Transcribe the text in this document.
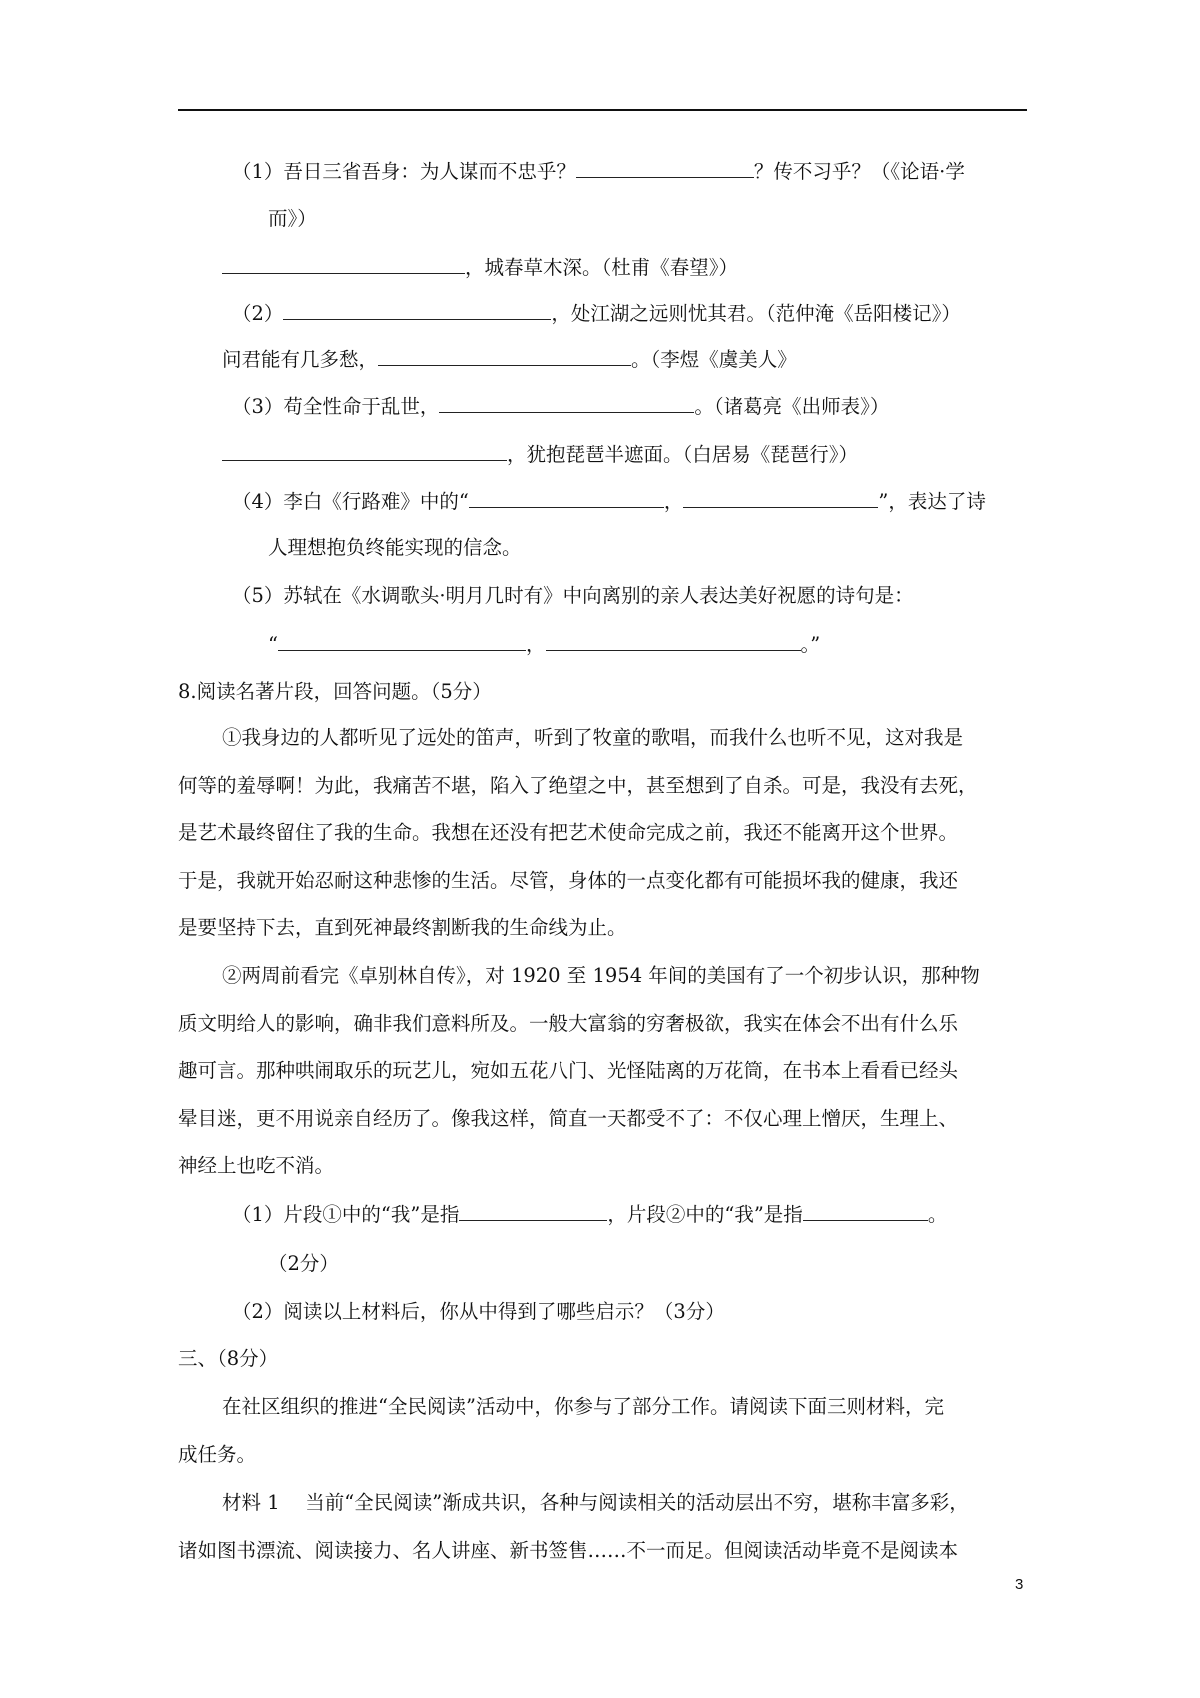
（1）吾日三省吾身：为人谋而不忠乎？	？传不习乎？（《论语·学
而》）
，城春草木深。（杜甫《春望》）
（2）	，处江湖之远则忧其君。（范仲淹《岳阳楼记》）
问君能有几多愁，	。（李煜《虞美人》
（3）苟全性命于乱世，	。（诸葛亮《出师表》）
，犹抱琵琶半遮面。（白居易《琵琶行》）
（4）李白《行路难》中的“	，	”，表达了诗
人理想抱负终能实现的信念。
（5）苏轼在《水调歌头·明月几时有》中向离别的亲人表达美好祝愿的诗句是：
“	，	。”
8.阅读名著片段，回答问题。（5分）
①我身边的人都听见了远处的笛声，听到了牧童的歌唱，而我什么也听不见，这对我是
何等的羞辱啊！为此，我痛苦不堪，陷入了绝望之中，甚至想到了自杀。可是，我没有去死，
是艺术最终留住了我的生命。我想在还没有把艺术使命完成之前，我还不能离开这个世界。
于是，我就开始忍耐这种悲惨的生活。尽管，身体的一点变化都有可能损坏我的健康，我还
是要坚持下去，直到死神最终割断我的生命线为止。
②两周前看完《卓别林自传》，对 1920 至 1954 年间的美国有了一个初步认识，那种物
质文明给人的影响，确非我们意料所及。一般大富翁的穷奢极欲，我实在体会不出有什么乐
趣可言。那种哄闹取乐的玩艺儿，宛如五花八门、光怪陆离的万花筒，在书本上看看已经头
晕目迷，更不用说亲自经历了。像我这样，简直一天都受不了：不仅心理上憎厌，生理上、
神经上也吃不消。
（1）片段①中的“我”是指	，片段②中的“我”是指	。
（2分）
（2）阅读以上材料后，你从中得到了哪些启示？（3分）
三、（8分）
在社区组织的推进“全民阅读”活动中，你参与了部分工作。请阅读下面三则材料，完
成任务。
材料 1　 当前“全民阅读”渐成共识，各种与阅读相关的活动层出不穷，堪称丰富多彩，
诸如图书漂流、阅读接力、名人讲座、新书签售……不一而足。但阅读活动毕竟不是阅读本
3
